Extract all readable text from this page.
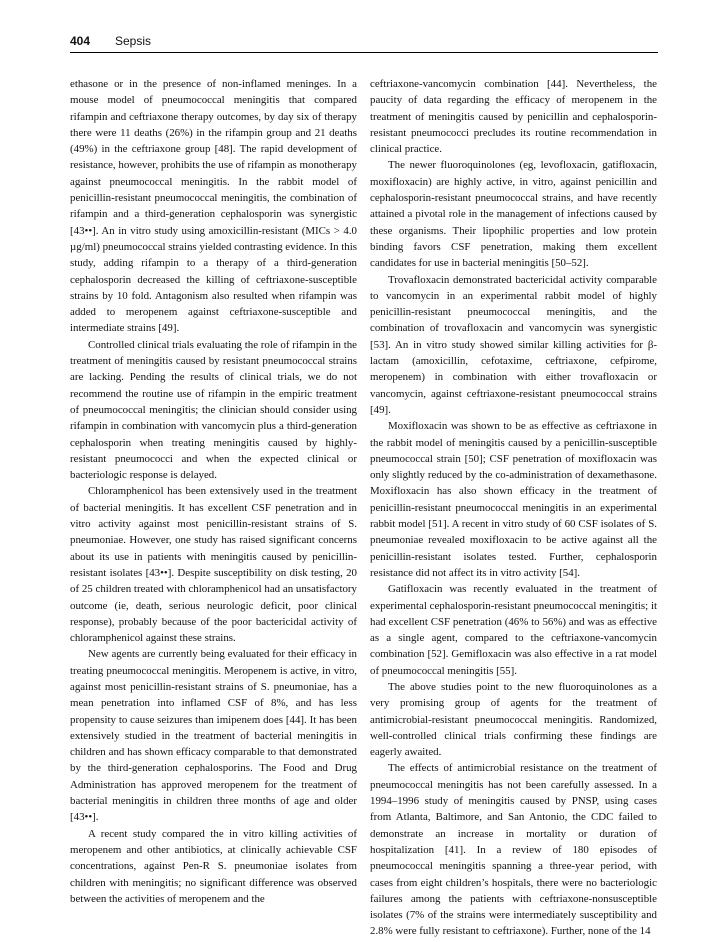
404 Sepsis

ethasone or in the presence of non-inflamed meninges. In a mouse model of pneumococcal meningitis that compared rifampin and ceftriaxone therapy outcomes, by day six of therapy there were 11 deaths (26%) in the rifampin group and 21 deaths (49%) in the ceftriaxone group [48]. The rapid development of resistance, however, prohibits the use of rifampin as monotherapy against pneumococcal meningitis. In the rabbit model of penicillin-resistant pneumococcal meningitis, the combination of rifampin and a third-generation cephalosporin was synergistic [43••]. An in vitro study using amoxicillin-resistant (MICs > 4.0 µg/ml) pneumococcal strains yielded contrasting evidence. In this study, adding rifampin to a therapy of a third-generation cephalosporin decreased the killing of ceftriaxone-susceptible strains by 10 fold. Antagonism also resulted when rifampin was added to meropenem against ceftriaxone-susceptible and intermediate strains [49].

Controlled clinical trials evaluating the role of rifampin in the treatment of meningitis caused by resistant pneumococcal strains are lacking. Pending the results of clinical trials, we do not recommend the routine use of rifampin in the empiric treatment of pneumococcal meningitis; the clinician should consider using rifampin in combination with vancomycin plus a third-generation cephalosporin when treating meningitis caused by highly-resistant pneumococci and when the expected clinical or bacteriologic response is delayed.

Chloramphenicol has been extensively used in the treatment of bacterial meningitis. It has excellent CSF penetration and in vitro activity against most penicillin-resistant strains of S. pneumoniae. However, one study has raised significant concerns about its use in patients with meningitis caused by penicillin-resistant isolates [43••]. Despite susceptibility on disk testing, 20 of 25 children treated with chloramphenicol had an unsatisfactory outcome (ie, death, serious neurologic deficit, poor clinical response), probably because of the poor bactericidal activity of chloramphenicol against these strains.

New agents are currently being evaluated for their efficacy in treating pneumococcal meningitis. Meropenem is active, in vitro, against most penicillin-resistant strains of S. pneumoniae, has a mean penetration into inflamed CSF of 8%, and has less propensity to cause seizures than imipenem does [44]. It has been extensively studied in the treatment of bacterial meningitis in children and has shown efficacy comparable to that demonstrated by the third-generation cephalosporins. The Food and Drug Administration has approved meropenem for the treatment of bacterial meningitis in children three months of age and older [43••].

A recent study compared the in vitro killing activities of meropenem and other antibiotics, at clinically achievable CSF concentrations, against Pen-R S. pneumoniae isolates from children with meningitis; no significant difference was observed between the activities of meropenem and the

ceftriaxone-vancomycin combination [44]. Nevertheless, the paucity of data regarding the efficacy of meropenem in the treatment of meningitis caused by penicillin and cephalosporin-resistant pneumococci precludes its routine recommendation in clinical practice.

The newer fluoroquinolones (eg, levofloxacin, gatifloxacin, moxifloxacin) are highly active, in vitro, against penicillin and cephalosporin-resistant pneumococcal strains, and have recently attained a pivotal role in the management of infections caused by these organisms. Their lipophilic properties and low protein binding favors CSF penetration, making them excellent candidates for use in bacterial meningitis [50–52].

Trovafloxacin demonstrated bactericidal activity comparable to vancomycin in an experimental rabbit model of highly penicillin-resistant pneumococcal meningitis, and the combination of trovafloxacin and vancomycin was synergistic [53]. An in vitro study showed similar killing activities for β-lactam (amoxicillin, cefotaxime, ceftriaxone, cefpirome, meropenem) in combination with either trovafloxacin or vancomycin, against ceftriaxone-resistant pneumococcal strains [49].

Moxifloxacin was shown to be as effective as ceftriaxone in the rabbit model of meningitis caused by a penicillin-susceptible pneumococcal strain [50]; CSF penetration of moxifloxacin was only slightly reduced by the co-administration of dexamethasone. Moxifloxacin has also shown efficacy in the treatment of penicillin-resistant pneumococcal meningitis in an experimental rabbit model [51]. A recent in vitro study of 60 CSF isolates of S. pneumoniae revealed moxifloxacin to be active against all the penicillin-resistant isolates tested. Further, cephalosporin resistance did not affect its in vitro activity [54].

Gatifloxacin was recently evaluated in the treatment of experimental cephalosporin-resistant pneumococcal meningitis; it had excellent CSF penetration (46% to 56%) and was as effective as a single agent, compared to the ceftriaxone-vancomycin combination [52]. Gemifloxacin was also effective in a rat model of pneumococcal meningitis [55].

The above studies point to the new fluoroquinolones as a very promising group of agents for the treatment of antimicrobial-resistant pneumococcal meningitis. Randomized, well-controlled clinical trials confirming these findings are eagerly awaited.

The effects of antimicrobial resistance on the treatment of pneumococcal meningitis has not been carefully assessed. In a 1994–1996 study of meningitis caused by PNSP, using cases from Atlanta, Baltimore, and San Antonio, the CDC failed to demonstrate an increase in mortality or duration of hospitalization [41]. In a review of 180 episodes of pneumococcal meningitis spanning a three-year period, with cases from eight children’s hospitals, there were no bacteriologic failures among the patients with ceftriaxone-nonsusceptible isolates (7% of the strains were intermediately susceptibility and 2.8% were fully resistant to ceftriaxone). Further, none of the 14
